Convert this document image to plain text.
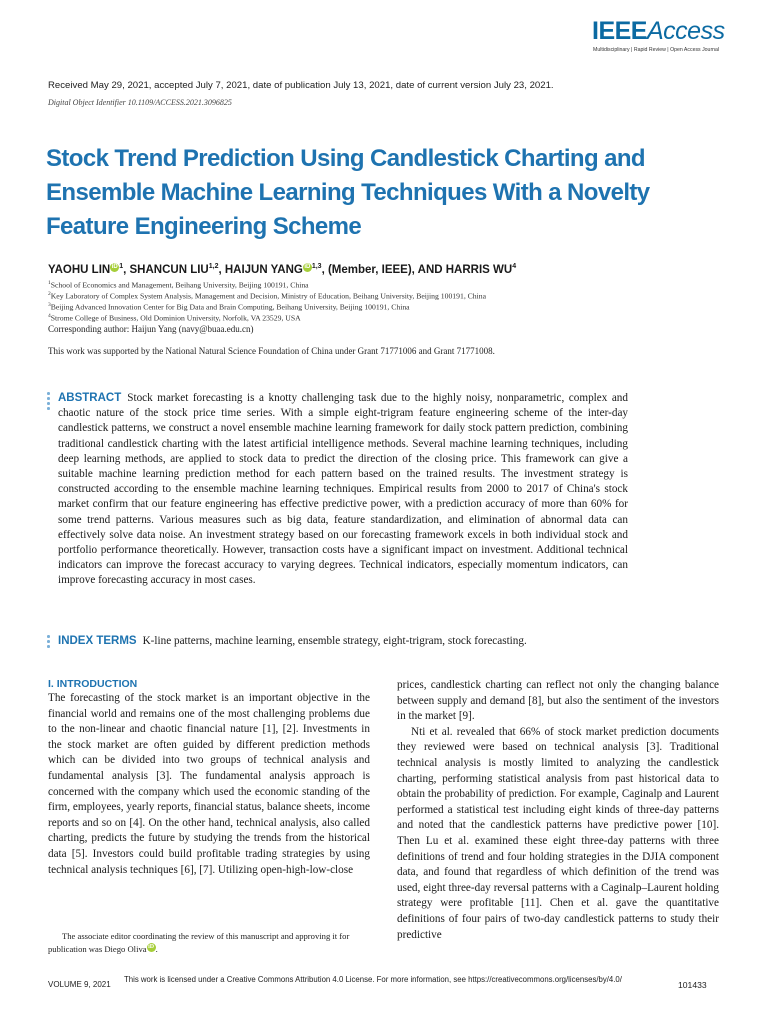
IEEEAccess
Multidisciplinary | Rapid Review | Open Access Journal
Received May 29, 2021, accepted July 7, 2021, date of publication July 13, 2021, date of current version July 23, 2021.
Digital Object Identifier 10.1109/ACCESS.2021.3096825
Stock Trend Prediction Using Candlestick Charting and Ensemble Machine Learning Techniques With a Novelty Feature Engineering Scheme
YAOHU LIN iD $^1$, SHANCUN LIU$^{1,2}$, HAIJUN YANG iD $^{1,3}$, (Member, IEEE), AND HARRIS $WU^4$
$^1$School of Economics and Management, Beihang University, Beijing 100191, China
$^2$Key Laboratory of Complex System Analysis, Management and Decision, Ministry of Education, Beihang University, Beijing 100191, China
$^3$Beijing Advanced Innovation Center for Big Data and Brain Computing, Beihang University, Beijing 100191, China
$^4$Strome College of Business, Old Dominion University, Norfolk, VA 23529, USA
Corresponding author: Haijun Yang (navy@buaa.edu.cn)
This work was supported by the National Natural Science Foundation of China under Grant 71771006 and Grant 71771008.
ABSTRACT Stock market forecasting is a knotty challenging task due to the highly noisy, nonparametric, complex and chaotic nature of the stock price time series. With a simple eight-trigram feature engineering scheme of the inter-day candlestick patterns, we construct a novel ensemble machine learning framework for daily stock pattern prediction, combining traditional candlestick charting with the latest artificial intelligence methods. Several machine learning techniques, including deep learning methods, are applied to stock data to predict the direction of the closing price. This framework can give a suitable machine learning prediction method for each pattern based on the trained results. The investment strategy is constructed according to the ensemble machine learning techniques. Empirical results from 2000 to 2017 of China's stock market confirm that our feature engineering has effective predictive power, with a prediction accuracy of more than 60% for some trend patterns. Various measures such as big data, feature standardization, and elimination of abnormal data can effectively solve data noise. An investment strategy based on our forecasting framework excels in both individual stock and portfolio performance theoretically. However, transaction costs have a significant impact on investment. Additional technical indicators can improve the forecast accuracy to varying degrees. Technical indicators, especially momentum indicators, can improve forecasting accuracy in most cases.
INDEX TERMS K-line patterns, machine learning, ensemble strategy, eight-trigram, stock forecasting.
I. INTRODUCTION

The forecasting of the stock market is an important objective in the financial world and remains one of the most challenging problems due to the non-linear and chaotic financial nature [1], [2]. Investments in the stock market are often guided by different prediction methods which can be divided into two groups of technical analysis and fundamental analysis [3]. The fundamental analysis approach is concerned with the company which used the economic standing of the firm, employees, yearly reports, financial status, balance sheets, income reports and so on [4]. On the other hand, technical analysis, also called charting, predicts the future by studying the trends from the historical data [5]. Investors could build profitable trading strategies by using technical analysis techniques [6], [7]. Utilizing open-high-low-close

prices, candlestick charting can reflect not only the changing balance between supply and demand [8], but also the sentiment of the investors in the market [9].

Nti et al. revealed that 66% of stock market prediction documents they reviewed were based on technical analysis [3]. Traditional technical analysis is mostly limited to analyzing the candlestick charting, performing statistical analysis from past historical data to obtain the probability of prediction. For example, Caginalp and Laurent performed a statistical test including eight kinds of three-day patterns and noted that the candlestick patterns have predictive power [10]. Then Lu et al. examined these eight three-day patterns with three definitions of trend and four holding strategies in the DJIA component data, and found that regardless of which definition of the trend was used, eight three-day reversal patterns with a Caginalp–Laurent holding strategy were profitable [11]. Chen et al. gave the quantitative definitions of four pairs of two-day candlestick patterns to study their predictive

The associate editor coordinating the review of this manuscript and approving it for publication was Diego Oliva iD .
VOLUME 9, 2021
This work is licensed under a Creative Commons Attribution 4.0 License. For more information, see https://creativecommons.org/licenses/by/4.0/
101433
